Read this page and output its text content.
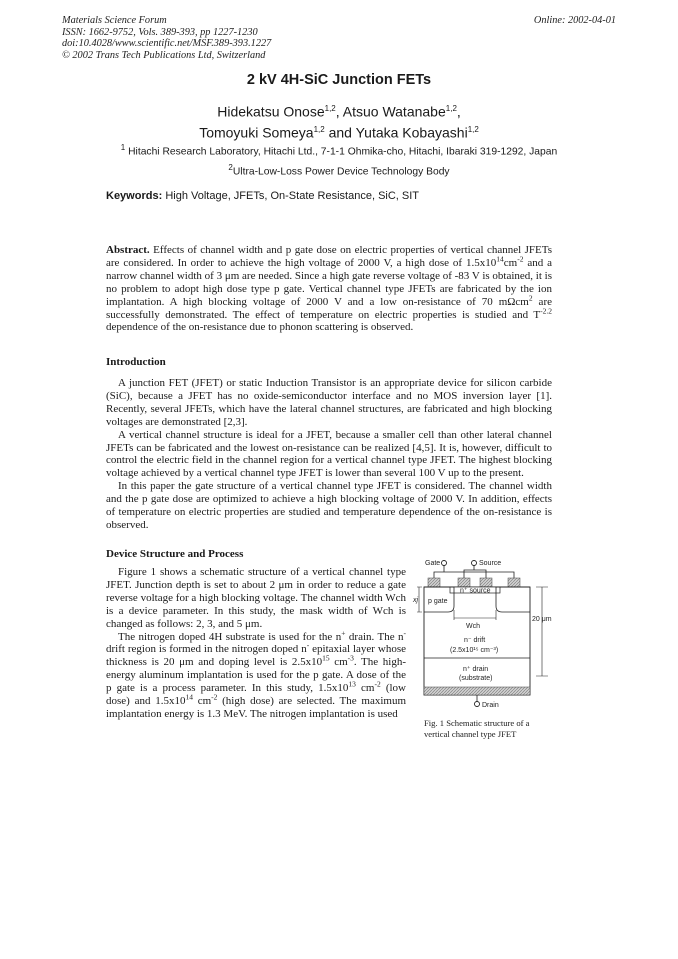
Materials Science Forum
ISSN: 1662-9752, Vols. 389-393, pp 1227-1230
doi:10.4028/www.scientific.net/MSF.389-393.1227
© 2002 Trans Tech Publications Ltd, Switzerland
Online: 2002-04-01
2 kV 4H-SiC Junction FETs
Hidekatsu Onose$^{1,2}$, Atsuo Watanabe$^{1,2}$,
Tomoyuki Someya$^{1,2}$ and Yutaka Kobayashi$^{1,2}$
$^1$ Hitachi Research Laboratory, Hitachi Ltd., 7-1-1 Ohmika-cho, Hitachi, Ibaraki 319-1292, Japan
$^2$Ultra-Low-Loss Power Device Technology Body
Keywords: High Voltage, JFETs, On-State Resistance, SiC, SIT
Abstract. Effects of channel width and p gate dose on electric properties of vertical channel JFETs are considered. In order to achieve the high voltage of 2000 V, a high dose of $1.5x10^{14}cm^{-2}$ and a narrow channel width of 3 μm are needed. Since a high gate reverse voltage of -83 V is obtained, it is no problem to adopt high dose type p gate. Vertical channel type JFETs are fabricated by the ion implantation. A high blocking voltage of 2000 V and a low on-resistance of 70 mΩcm$^2$ are successfully demonstrated. The effect of temperature on electric properties is studied and $T^{-2.2}$ dependence of the on-resistance due to phonon scattering is observed.
Introduction

A junction FET (JFET) or static Induction Transistor is an appropriate device for silicon carbide (SiC), because a JFET has no oxide-semiconductor interface and no MOS inversion layer [1]. Recently, several JFETs, which have the lateral channel structures, are fabricated and high blocking voltages are demonstrated [2,3].

A vertical channel structure is ideal for a JFET, because a smaller cell than other lateral channel JFETs can be fabricated and the lowest on-resistance can be realized [4,5]. It is, however, difficult to control the electric field in the channel region for a vertical channel type JFET. The highest blocking voltage achieved by a vertical channel type JFET is lower than several 100 V up to the present.

In this paper the gate structure of a vertical channel type JFET is considered. The channel width and the p gate dose are optimized to achieve a high blocking voltage of 2000 V. In addition, effects of temperature on electric properties are studied and temperature dependence of the on-resistance is observed.

Device Structure and Process

Figure 1 shows a schematic structure of a vertical channel type JFET. Junction depth is set to about 2 μm in order to reduce a gate reverse voltage for a high blocking voltage. The channel width Wch is a device parameter. In this study, the mask width of Wch is changed as follows: 2, 3, and 5 μm.

The nitrogen doped 4H substrate is used for the n+ drain. The n- drift region is formed in the nitrogen doped n- epitaxial layer whose thickness is 20 μm and doping level is $2.5x10^{15}$ $cm^{-3}$. The high-energy aluminum implantation is used for the p gate. A dose of the p gate is a process parameter. In this study, $1.5x10^{13}$ $cm^{-2}$ (low dose) and $1.5x10^{14}$ $cm^{-2}$ (high dose) are selected. The maximum implantation energy is 1.3 MeV. The nitrogen implantation is used

Gate	Source
n⁺ source
p gate
xj
Wch
20 μm
n⁻ drift
(2.5x10¹⁵ cm⁻³)
n⁺ drain
(substrate)
Drain
Fig. 1 Schematic structure of a vertical channel type JFET
